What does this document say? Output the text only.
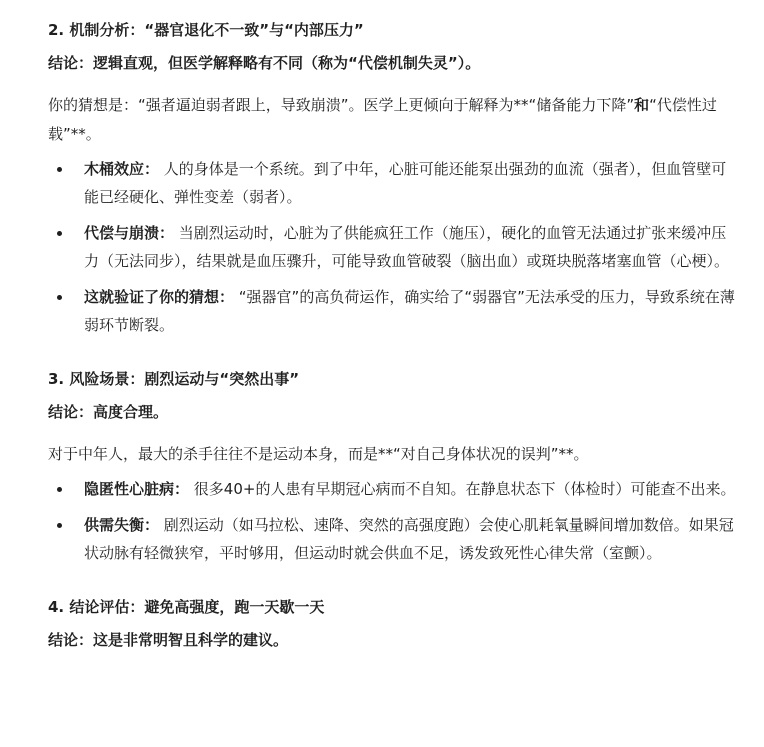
2. 机制分析：“器官退化不一致”与“内部压力”

结论：逻辑直观，但医学解释略有不同（称为“代偿机制失灵”）。

你的猜想是：“强者逼迫弱者跟上，导致崩溃”。医学上更倾向于解释为**“储备能力下降”和“代偿性过载”**。

木桶效应： 人的身体是一个系统。到了中年，心脏可能还能泵出强劲的血流（强者），但血管壁可能已经硬化、弹性变差（弱者）。
代偿与崩溃： 当剧烈运动时，心脏为了供能疯狂工作（施压），硬化的血管无法通过扩张来缓冲压力（无法同步），结果就是血压骤升，可能导致血管破裂（脑出血）或斑块脱落堵塞血管（心梗）。
这就验证了你的猜想： “强器官”的高负荷运作，确实给了“弱器官”无法承受的压力，导致系统在薄弱环节断裂。

3. 风险场景：剧烈运动与“突然出事”

结论：高度合理。

对于中年人，最大的杀手往往不是运动本身，而是**“对自己身体状况的误判”**。

隐匿性心脏病： 很多40+的人患有早期冠心病而不自知。在静息状态下（体检时）可能查不出来。
供需失衡： 剧烈运动（如马拉松、速降、突然的高强度跑）会使心肌耗氧量瞬间增加数倍。如果冠状动脉有轻微狭窄，平时够用，但运动时就会供血不足，诱发致死性心律失常（室颤）。

4. 结论评估：避免高强度，跑一天歇一天

结论：这是非常明智且科学的建议。
